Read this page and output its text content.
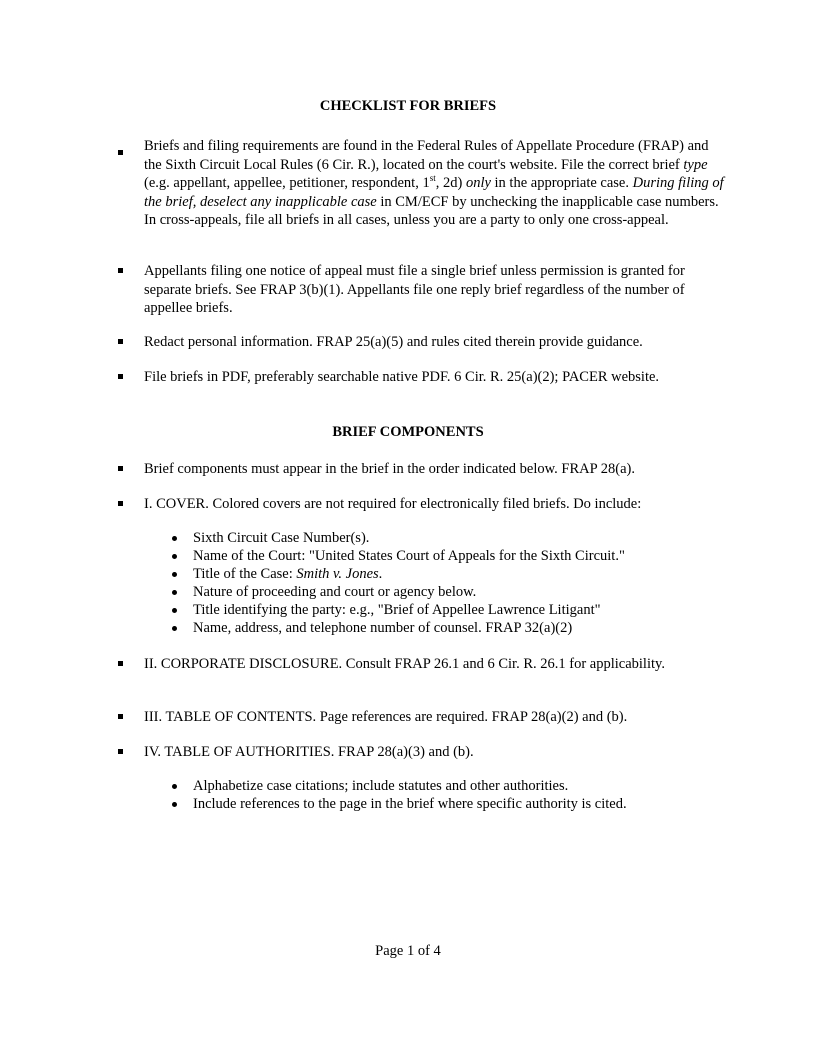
CHECKLIST FOR BRIEFS

Briefs and filing requirements are found in the Federal Rules of Appellate Procedure (FRAP) and the Sixth Circuit Local Rules (6 Cir. R.), located on the court's website. File the correct brief type (e.g. appellant, appellee, petitioner, respondent, 1st, 2d) only in the appropriate case. During filing of the brief, deselect any inapplicable case in CM/ECF by unchecking the inapplicable case numbers. In cross-appeals, file all briefs in all cases, unless you are a party to only one cross-appeal.

Appellants filing one notice of appeal must file a single brief unless permission is granted for separate briefs. See FRAP 3(b)(1). Appellants file one reply brief regardless of the number of appellee briefs.

Redact personal information. FRAP 25(a)(5) and rules cited therein provide guidance.

File briefs in PDF, preferably searchable native PDF. 6 Cir. R. 25(a)(2); PACER website.

BRIEF COMPONENTS

Brief components must appear in the brief in the order indicated below. FRAP 28(a).

I. COVER. Colored covers are not required for electronically filed briefs. Do include:

Sixth Circuit Case Number(s).

Name of the Court: "United States Court of Appeals for the Sixth Circuit."

Title of the Case: Smith v. Jones.

Nature of proceeding and court or agency below.

Title identifying the party: e.g., "Brief of Appellee Lawrence Litigant"

Name, address, and telephone number of counsel. FRAP 32(a)(2)

II. CORPORATE DISCLOSURE. Consult FRAP 26.1 and 6 Cir. R. 26.1 for applicability.

III. TABLE OF CONTENTS. Page references are required. FRAP 28(a)(2) and (b).

IV. TABLE OF AUTHORITIES. FRAP 28(a)(3) and (b).

Alphabetize case citations; include statutes and other authorities.

Include references to the page in the brief where specific authority is cited.

Page 1 of 4
